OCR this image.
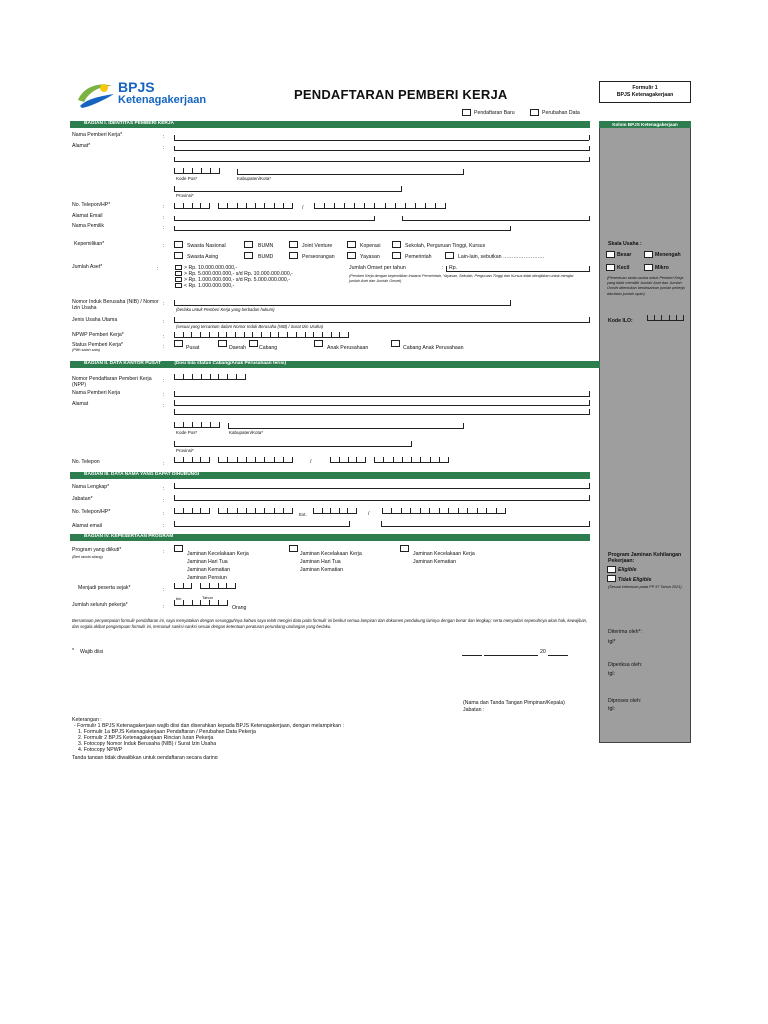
BPJS
Ketenagakerjaan	PENDAFTARAN PEMBERI KERJA	Formulir 1
BPJS Ketenagakerjaan
Pendaftaran Baru	Perubahan Data
Kolom BPJS Ketenagakerjaan
Skala Usaha :
Besar	Menengah
Kecil	Mikro
(Penentuan skala usaha untuk Pemberi Kerja yang tidak memiliki Jumlah Aset dan Jumlah Omset ditentukan berdasarkan jumlah pekerja dan/atau jumlah upah)
Kode ILO:
Program Jaminan Kehilangan Pekerjaan:
Eligible
Tidak Eligible
(Sesuai ketentuan pada PP 37 Tahun 2021)
Diterima oleh*:
tgl*
Diperiksa oleh:
tgl:
Diproses oleh:
tgl:
BAGIAN I. IDENTITAS PEMBERI KERJA
Nama Pemberi Kerja*	:
Alamat*	:
Kode Pos*	Kabupaten/Kota*
Provinsi*
No. Telepon/HP*	:	/
Alamat Email	:
Nama Pemilik	:
Kepemilikan*	:	Swasta Nasional	BUMN	Joint Venture	Koperasi	Sekolah, Perguruan Tinggi, Kursus
Swasta Asing	BUMD	Perseorangan	Yayasan	Pemerintah	Lain-lain, sebutkan ……………………
Jumlah Aset*	:	> Rp. 10.000.000.000,-
> Rp. 5.000.000.000,- s/d Rp. 10.000.000.000,-
> Rp. 1.000.000.000,- s/d Rp. 5.000.000.000,-
< Rp. 1.000.000.000,-
Jumlah Omset per tahun	: Rp.
(Pemberi Kerja dengan kepemilikan Instansi Pemerintah, Yayasan, Sekolah, Perguruan Tinggi dan Kursus tidak diwajibkan untuk mengisi jumlah Aset dan Jumlah Omset)
Nomor Induk Berusaha (NIB) / Nomor Izin Usaha
:
(berlaku untuk Pemberi Kerja yang berbadan hukum)
Jenis Usaha Utama	:
(sesuai yang tercantum dalam Nomor Induk Berusaha (NIB) / Surat Izin Usaha)
NPWP Pemberi Kerja*	:
Status Pemberi Kerja*
(Pilih salah satu)	:	Pusat	Daerah Cabang	Anak Perusahaan	Cabang Anak Perusahaan
BAGIAN II. DATA KANTOR PUSAT	(Diisi bila status Cabang/Anak Perusahaan terisi)
Nomor Pendaftaran Pemberi Kerja (NPP)
:
Nama Pemberi Kerja	:
Alamat	:
Kode Pos*	Kabupaten/Kota*
Provinsi*
No. Telepon	:	/
BAGIAN III. DATA NAMA YANG DAPAT DIHUBUNGI
Nama Lengkap*	:
Jabatan*	:
No. Telepon/HP*	:	Ext.	/
Alamat email	:
BAGIAN IV. KEPESERTAAN PROGRAM
Program yang diikuti*
(Beri tanda silang)
:	Jaminan Kecelakaan Kerja
Jaminan Hari Tua
Jaminan Kematian
Jaminan Pensiun
Jaminan Kecelakaan Kerja
Jaminan Hari Tua
Jaminan Kematian
Jaminan Kecelakaan Kerja
Jaminan Kematian
Menjadi peserta sejak*	:
bln	Tahun
Jumlah seluruh pekerja*	:	Orang
Bersamaan penyampaian formulir pendaftaran ini, saya menyatakan dengan sesungguhnya bahwa saya telah mengisi data pada formulir ini berikut semua lampiran dan dokumen pendukung lainnya dengan benar dan lengkap; serta menyadari sepenuhnya akan hak, kewajiban, dan segala akibat pengampuan formulir ini, termasuk sanksi-sanksi sesuai dengan ketentuan peraturan perundang-undangan yang berlaku.
* Wajib diisi	20
(Nama dan Tanda Tangan Pimpinan/Kepala)
Jabatan :
Keterangan :
- Formulir 1 BPJS Ketenagakerjaan wajib diisi dan diserahkan kepada BPJS Ketenagakerjaan, dengan melampirkan :
1. Formulir 1a BPJS Ketenagakerjaan Pendaftaran / Perubahan Data Pekerja
2. Formulir 2 BPJS Ketenagakerjaan Rincian Iuran Pekerja
3. Fotocopy Nomor Induk Berusaha (NIB) / Surat Izin Usaha
4. Fotocopy NPWP
Tanda tangan tidak diwajibkan untuk pendaftaran secara daring
